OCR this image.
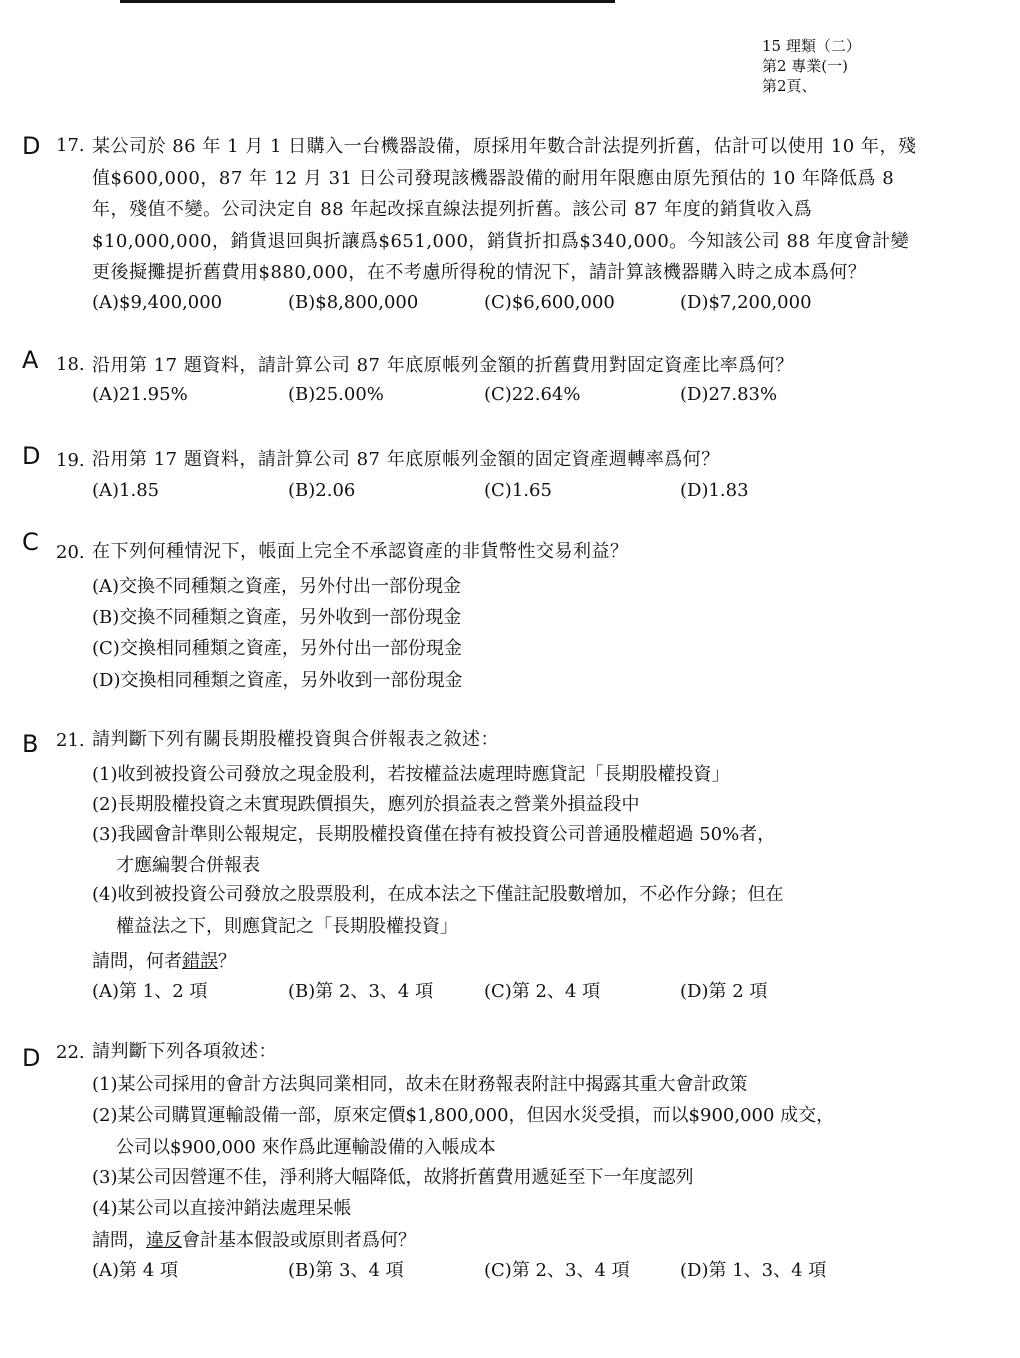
15 理類（二）
第2 專業(一)
第2頁、
D 17. 某公司於 86 年 1 月 1 日購入一台機器設備，原採用年數合計法提列折舊，估計可以使用 10 年，殘值$600,000，87 年 12 月 31 日公司發現該機器設備的耐用年限應由原先預估的 10 年降低爲 8 年，殘值不變。公司決定自 88 年起改採直線法提列折舊。該公司 87 年度的銷貨收入爲$10,000,000，銷貨退回與折讓爲$651,000，銷貨折扣爲$340,000。今知該公司 88 年度會計變更後擬攤提折舊費用$880,000，在不考慮所得稅的情況下，請計算該機器購入時之成本爲何？
(A)$9,400,000	(B)$8,800,000	(C)$6,600,000	(D)$7,200,000
A 18. 沿用第 17 題資料，請計算公司 87 年底原帳列金額的折舊費用對固定資產比率爲何？
(A)21.95%	(B)25.00%	(C)22.64%	(D)27.83%
D 19. 沿用第 17 題資料，請計算公司 87 年底原帳列金額的固定資產週轉率爲何？
(A)1.85	(B)2.06	(C)1.65	(D)1.83
C 20. 在下列何種情況下，帳面上完全不承認資產的非貨幣性交易利益？
(A)交換不同種類之資產，另外付出一部份現金
(B)交換不同種類之資產，另外收到一部份現金
(C)交換相同種類之資產，另外付出一部份現金
(D)交換相同種類之資產，另外收到一部份現金
B 21. 請判斷下列有關長期股權投資與合併報表之敘述：
(1)收到被投資公司發放之現金股利，若按權益法處理時應貸記「長期股權投資」
(2)長期股權投資之未實現跌價損失，應列於損益表之營業外損益段中
(3)我國會計準則公報規定，長期股權投資僅在持有被投資公司普通股權超過 50%者，
才應編製合併報表
(4)收到被投資公司發放之股票股利，在成本法之下僅註記股數增加，不必作分錄；但在
權益法之下，則應貸記之「長期股權投資」
請問，何者錯誤？
(A)第 1、2 項	(B)第 2、3、4 項	(C)第 2、4 項	(D)第 2 項
D 22. 請判斷下列各項敘述：
(1)某公司採用的會計方法與同業相同，故未在財務報表附註中揭露其重大會計政策
(2)某公司購買運輸設備一部，原來定價$1,800,000，但因水災受損，而以$900,000 成交，
公司以$900,000 來作爲此運輸設備的入帳成本
(3)某公司因營運不佳，淨利將大幅降低，故將折舊費用遞延至下一年度認列
(4)某公司以直接沖銷法處理呆帳
請問，違反會計基本假設或原則者爲何？
(A)第 4 項	(B)第 3、4 項	(C)第 2、3、4 項	(D)第 1、3、4 項
